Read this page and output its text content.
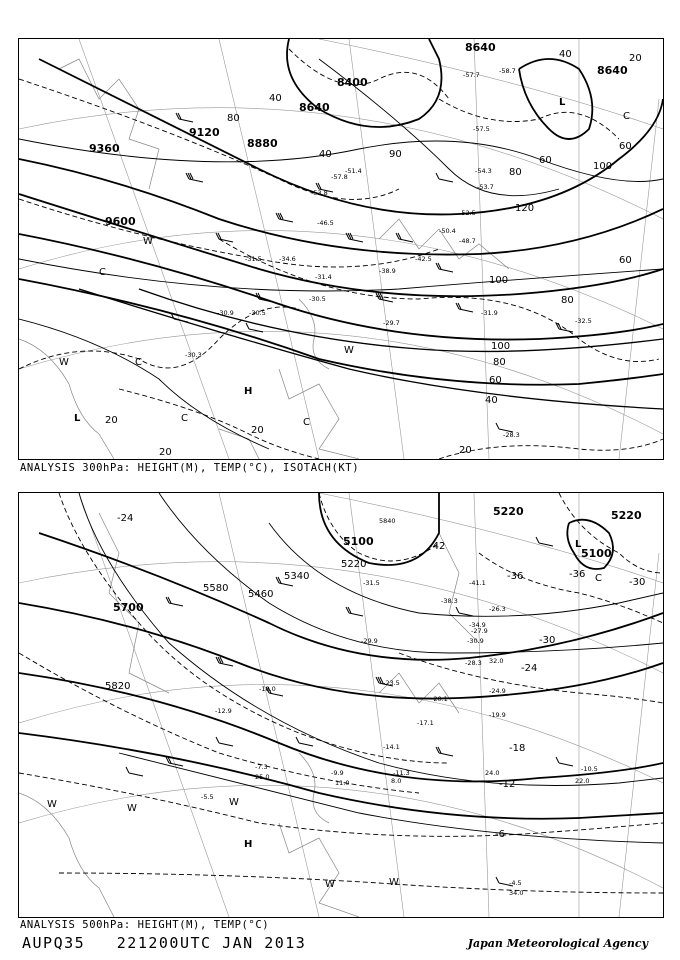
8640
8400
8640
9120
8880
8640
9360
9600
20
40
60
80
100
120
100
80
60
40
20
40
60
80
90
80
100
40
60
20
20
20
L
L
H
C
C
C	C
W
W
C
W
-57.7	-58.7
-54.3
-57.5
-50.4
-51.4
-53.7
-57.8
-53.8
-52.5
-48.7
-46.5
-42.5
-34.6
-31.4
-31.5
-30.5
-29.7
-28.3
-32.5
-38.9
-31.9
-30.9
-30.3
-30.5
ANALYSIS 300hPa: HEIGHT(M), TEMP(°C), ISOTACH(KT)
5220	5220
5100
5100
5340
5220
5460
5580
5700
5820
5840
-24
-42
-36	-36
-30
-30
-24
-18
-12
-6
L
C
H
W	W
W
W	W
-41.1
-38.3
-34.9
-31.5
-30.9
-29.9
-28.3
-27.9
-26.3
-24.9
-23.5
-20.1
-19.9
-18.0
-17.1
-14.1
-12.9
-11.3	-10.5
-9.9
-7.3
-5.5
-4.5
32.0
34.0
24.0
22.0
11.0	8.0
25.0
ANALYSIS 500hPa: HEIGHT(M), TEMP(°C)
AUPQ35 221200UTC JAN 2013	Japan Meteorological Agency
